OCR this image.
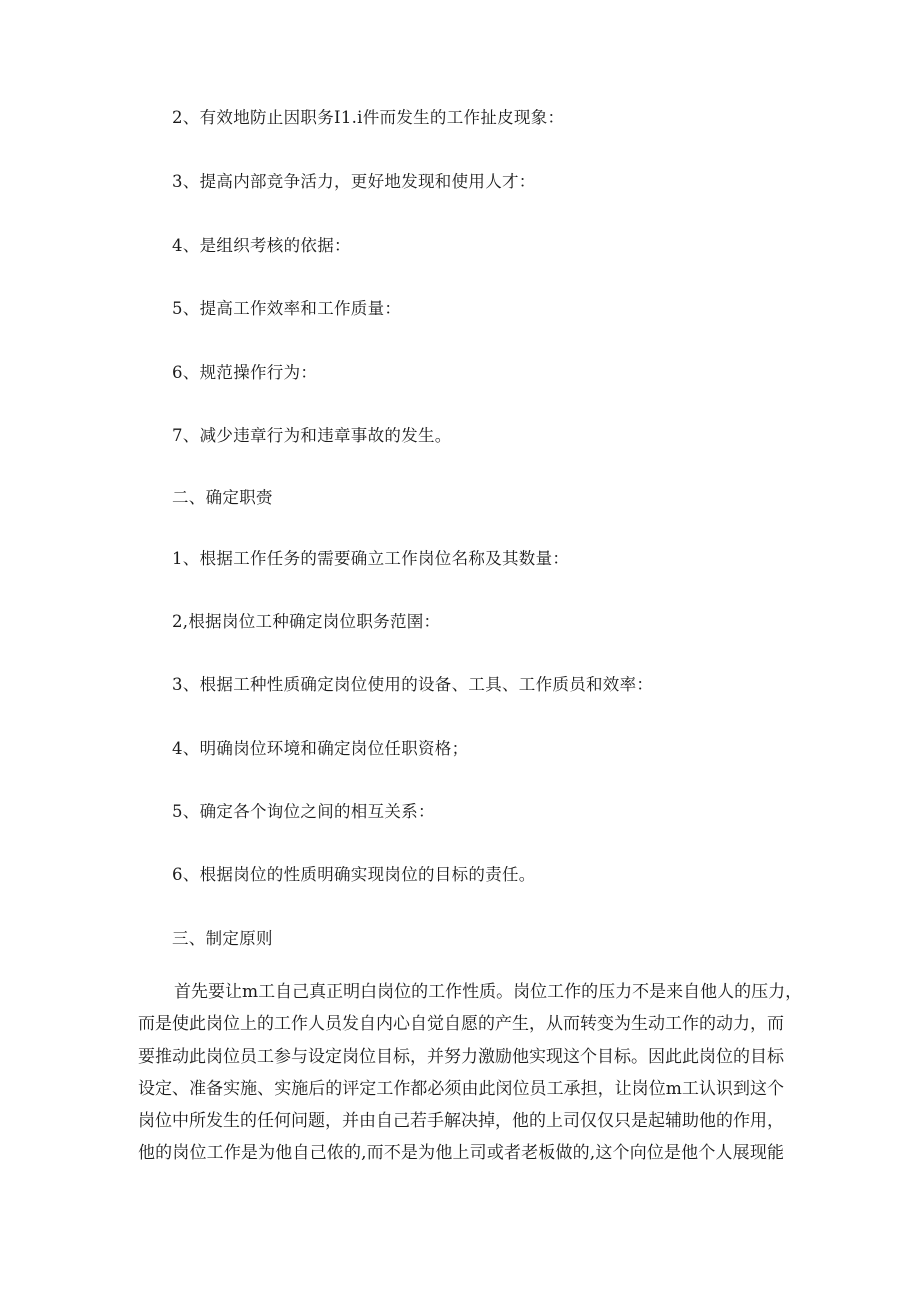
2、有效地防止因职务I1.i件而发生的工作扯皮现象：
3、提高内部竞争活力，更好地发现和使用人才：
4、是组织考核的依据：
5、提高工作效率和工作质量：
6、规范操作行为：
7、减少违章行为和违章事故的发生。
二、确定职赍
1、根据工作任务的需要确立工作岗位名称及其数量：
2,根据岗位工种确定岗位职务范圉：
3、根据工种性质确定岗位使用的设备、工具、工作质员和效率：
4、明确岗位环境和确定岗位任职资格；
5、确定各个询位之间的相互关系：
6、根据岗位的性质明确实现岗位的目标的责任。
三、制定原则
首先要让m工自己真正明白岗位的工作性质。岗位工作的压力不是来自他人的压力，
而是使此岗位上的工作人员发自内心自觉自愿的产生，从而转变为生动工作的动力，而
要推动此岗位员工参与设定岗位目标，并努力激励他实现这个目标。因此此岗位的目标
设定、准备实施、实施后的评定工作都必须由此闵位员工承担，让岗位m工认识到这个
岗位中所发生的任何问题，并由自己若手解决掉，他的上司仅仅只是起辅助他的作用，
他的岗位工作是为他自己侬的,而不是为他上司或者老板做的,这个向位是他个人展现能
